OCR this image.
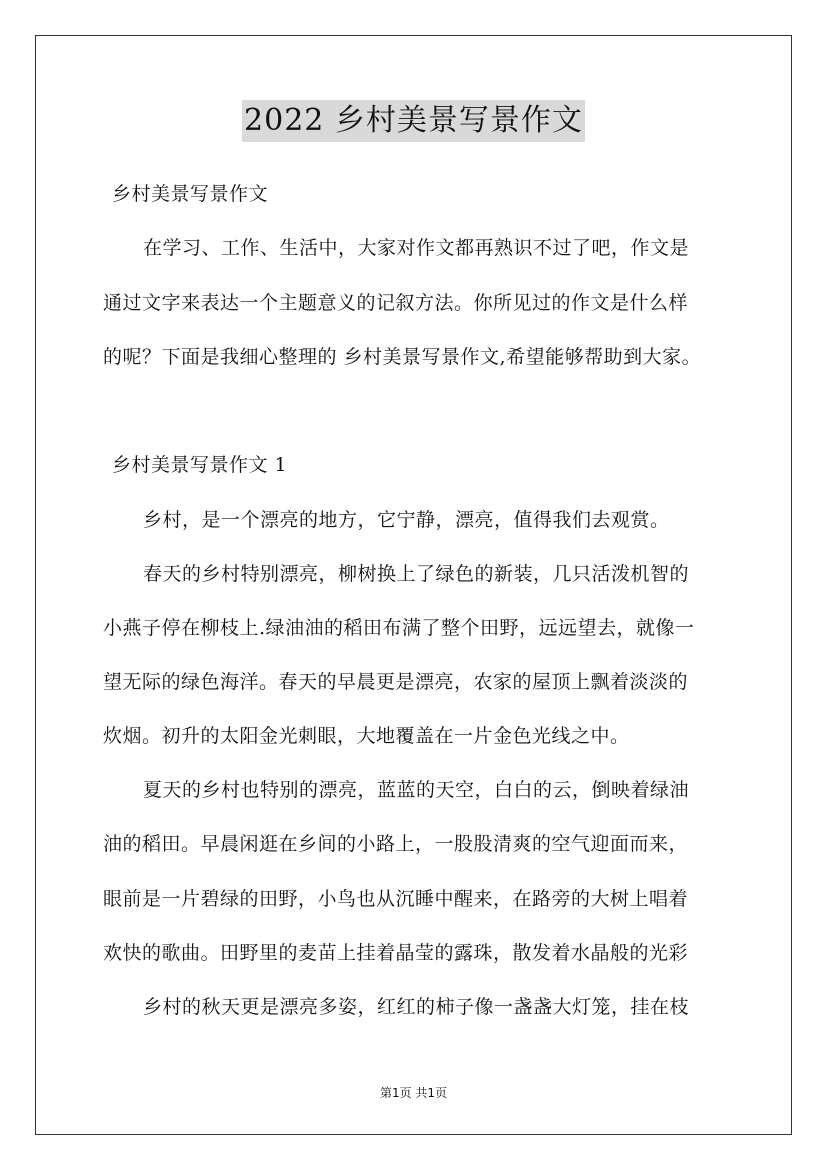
2022 乡村美景写景作文
乡村美景写景作文
在学习、工作、生活中，大家对作文都再熟识不过了吧，作文是
通过文字来表达一个主题意义的记叙方法。你所见过的作文是什么样
的呢？下面是我细心整理的 乡村美景写景作文,希望能够帮助到大家。
乡村美景写景作文 1
乡村，是一个漂亮的地方，它宁静，漂亮，值得我们去观赏。
春天的乡村特别漂亮，柳树换上了绿色的新装，几只活泼机智的
小燕子停在柳枝上.绿油油的稻田布满了整个田野，远远望去，就像一
望无际的绿色海洋。春天的早晨更是漂亮，农家的屋顶上飘着淡淡的
炊烟。初升的太阳金光刺眼，大地覆盖在一片金色光线之中。
夏天的乡村也特别的漂亮，蓝蓝的天空，白白的云，倒映着绿油
油的稻田。早晨闲逛在乡间的小路上，一股股清爽的空气迎面而来，
眼前是一片碧绿的田野，小鸟也从沉睡中醒来，在路旁的大树上唱着
欢快的歌曲。田野里的麦苗上挂着晶莹的露珠，散发着水晶般的光彩
乡村的秋天更是漂亮多姿，红红的柿子像一盏盏大灯笼，挂在枝
第1页 共1页
